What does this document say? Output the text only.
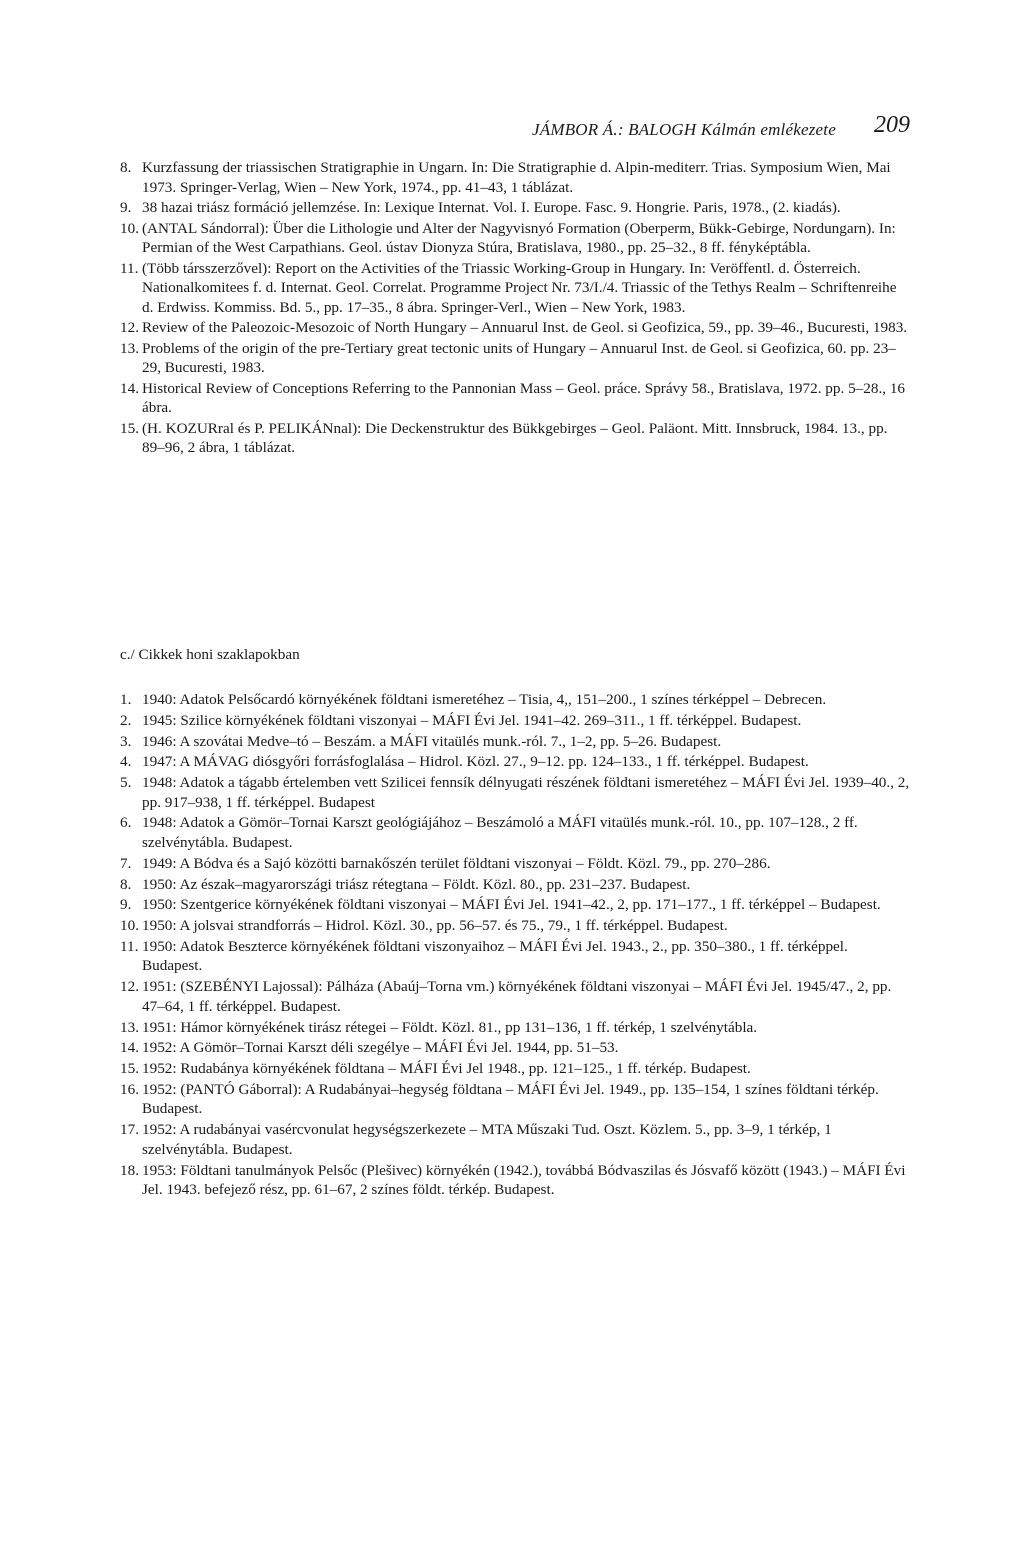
JÁMBOR Á.: BALOGH Kálmán emlékezete 209
8. Kurzfassung der triassischen Stratigraphie in Ungarn. In: Die Stratigraphie d. Alpin-mediterr. Trias. Symposium Wien, Mai 1973. Springer-Verlag, Wien – New York, 1974., pp. 41–43, 1 táblázat.
9. 38 hazai triász formáció jellemzése. In: Lexique Internat. Vol. I. Europe. Fasc. 9. Hongrie. Paris, 1978., (2. kiadás).
10. (ANTAL Sándorral): Über die Lithologie und Alter der Nagyvisnyó Formation (Oberperm, Bükk-Gebirge, Nordungarn). In: Permian of the West Carpathians. Geol. ústav Dionyza Stúra, Bratislava, 1980., pp. 25–32., 8 ff. fényképtábla.
11. (Több társszerzővel): Report on the Activities of the Triassic Working-Group in Hungary. In: Veröffentl. d. Österreich. Nationalkomitees f. d. Internat. Geol. Correlat. Programme Project Nr. 73/I./4. Triassic of the Tethys Realm – Schriftenreihe d. Erdwiss. Kommiss. Bd. 5., pp. 17–35., 8 ábra. Springer-Verl., Wien – New York, 1983.
12. Review of the Paleozoic-Mesozoic of North Hungary – Annuarul Inst. de Geol. si Geofizica, 59., pp. 39–46., Bucuresti, 1983.
13. Problems of the origin of the pre-Tertiary great tectonic units of Hungary – Annuarul Inst. de Geol. si Geofizica, 60. pp. 23–29, Bucuresti, 1983.
14. Historical Review of Conceptions Referring to the Pannonian Mass – Geol. práce. Správy 58., Bratislava, 1972. pp. 5–28., 16 ábra.
15. (H. KOZURral és P. PELIKÁNnal): Die Deckenstruktur des Bükkgebirges – Geol. Paläont. Mitt. Innsbruck, 1984. 13., pp. 89–96, 2 ábra, 1 táblázat.
c./ Cikkek honi szaklapokban
1. 1940: Adatok Pelsőcardó környékének földtani ismeretéhez – Tisia, 4,, 151–200., 1 színes térképpel – Debrecen.
2. 1945: Szilice környékének földtani viszonyai – MÁFI Évi Jel. 1941–42. 269–311., 1 ff. térképpel. Budapest.
3. 1946: A szovátai Medve–tó – Beszám. a MÁFI vitaülés munk.-ról. 7., 1–2, pp. 5–26. Budapest.
4. 1947: A MÁVAG diósgyőri forrásfoglalása – Hidrol. Közl. 27., 9–12. pp. 124–133., 1 ff. térképpel. Budapest.
5. 1948: Adatok a tágabb értelemben vett Szilicei fennsík délnyugati részének földtani ismeretéhez – MÁFI Évi Jel. 1939–40., 2, pp. 917–938, 1 ff. térképpel. Budapest
6. 1948: Adatok a Gömör–Tornai Karszt geológiájához – Beszámoló a MÁFI vitaülés munk.-ról. 10., pp. 107–128., 2 ff. szelvénytábla. Budapest.
7. 1949: A Bódva és a Sajó közötti barnakőszén terület földtani viszonyai – Földt. Közl. 79., pp. 270–286.
8. 1950: Az észak–magyarországi triász rétegtana – Földt. Közl. 80., pp. 231–237. Budapest.
9. 1950: Szentgerice környékének földtani viszonyai – MÁFI Évi Jel. 1941–42., 2, pp. 171–177., 1 ff. térképpel – Budapest.
10. 1950: A jolsvai strandforrás – Hidrol. Közl. 30., pp. 56–57. és 75., 79., 1 ff. térképpel. Budapest.
11. 1950: Adatok Beszterce környékének földtani viszonyaihoz – MÁFI Évi Jel. 1943., 2., pp. 350–380., 1 ff. térképpel. Budapest.
12. 1951: (SZEBÉNYI Lajossal): Pálháza (Abaúj–Torna vm.) környékének földtani viszonyai – MÁFI Évi Jel. 1945/47., 2, pp. 47–64, 1 ff. térképpel. Budapest.
13. 1951: Hámor környékének tirász rétegei – Földt. Közl. 81., pp 131–136, 1 ff. térkép, 1 szelvénytábla.
14. 1952: A Gömör–Tornai Karszt déli szegélye – MÁFI Évi Jel. 1944, pp. 51–53.
15. 1952: Rudabánya környékének földtana – MÁFI Évi Jel 1948., pp. 121–125., 1 ff. térkép. Budapest.
16. 1952: (PANTÓ Gáborral): A Rudabányai–hegység földtana – MÁFI Évi Jel. 1949., pp. 135–154, 1 színes földtani térkép. Budapest.
17. 1952: A rudabányai vasércvonulat hegységszerkezete – MTA Műszaki Tud. Oszt. Közlem. 5., pp. 3–9, 1 térkép, 1 szelvénytábla. Budapest.
18. 1953: Földtani tanulmányok Pelsőc (Plešivec) környékén (1942.), továbbá Bódvaszilas és Jósvafő között (1943.) – MÁFI Évi Jel. 1943. befejező rész, pp. 61–67, 2 színes földt. térkép. Budapest.
